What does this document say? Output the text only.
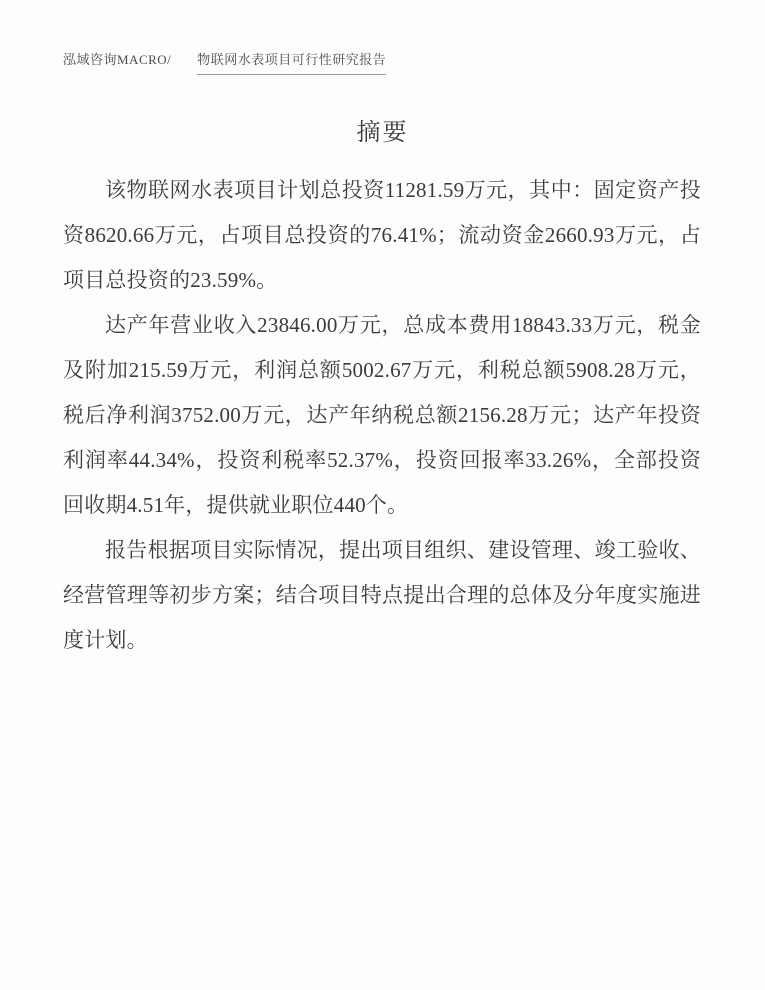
泓域咨询MACRO/ 物联网水表项目可行性研究报告
摘要

该物联网水表项目计划总投资11281.59万元，其中：固定资产投资8620.66万元，占项目总投资的76.41%；流动资金2660.93万元，占项目总投资的23.59%。

达产年营业收入23846.00万元，总成本费用18843.33万元，税金及附加215.59万元，利润总额5002.67万元，利税总额5908.28万元，税后净利润3752.00万元，达产年纳税总额2156.28万元；达产年投资利润率44.34%，投资利税率52.37%，投资回报率33.26%，全部投资回收期4.51年，提供就业职位440个。

报告根据项目实际情况，提出项目组织、建设管理、竣工验收、经营管理等初步方案；结合项目特点提出合理的总体及分年度实施进度计划。
